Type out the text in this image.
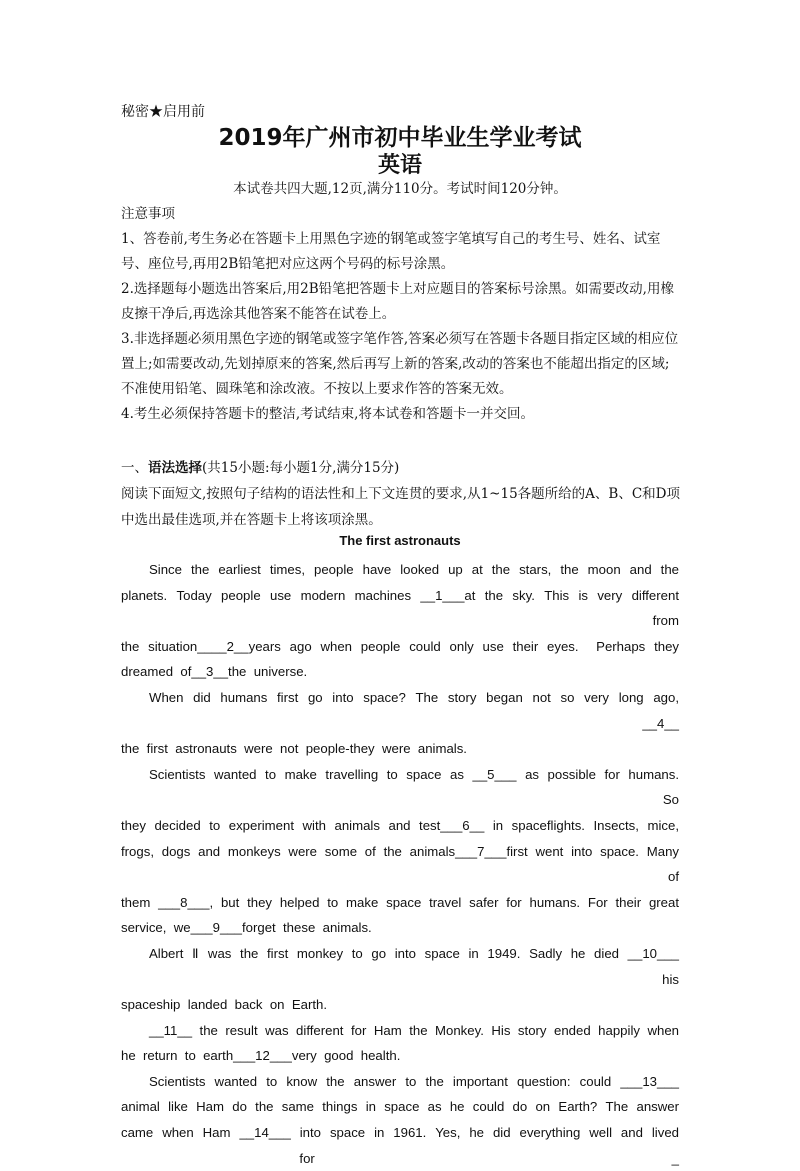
秘密★启用前
2019年广州市初中毕业生学业考试
英语
本试卷共四大题,12页,满分110分。考试时间120分钟。

注意事项

1、答卷前,考生务必在答题卡上用黑色字迹的钢笔或签字笔填写自己的考生号、姓名、试室号、座位号,再用2B铅笔把对应这两个号码的标号涂黑。

2.选择题每小题选出答案后,用2B铅笔把答题卡上对应题目的答案标号涂黑。如需要改动,用橡皮擦干净后,再选涂其他答案不能答在试卷上。

3.非选择题必须用黑色字迹的钢笔或签字笔作答,答案必须写在答题卡各题目指定区域的相应位置上;如需要改动,先划掉原来的答案,然后再写上新的答案,改动的答案也不能超出指定的区域;不准使用铅笔、圆珠笔和涂改液。不按以上要求作答的答案无效。

4.考生必须保持答题卡的整洁,考试结束,将本试卷和答题卡一并交回。

一、语法选择(共15小题:每小题1分,满分15分)

阅读下面短文,按照句子结构的语法性和上下文连贯的要求,从1~15各题所给的A、B、C和D项中选出最佳选项,并在答题卡上将该项涂黑。

The first astronauts

Since  the  earliest  times,  people  have  looked  up  at  the  stars,  the  moon  and  the

planets.  Today  people  use  modern  machines  __1___at  the  sky.  This  is  very  different  from

the  situation____2__years  ago  when  people  could  only  use  their  eyes.    Perhaps  they

dreamed  of__3__the  universe.

When  did  humans  first  go  into  space?  The  story  began  not  so  very  long  ago,  __4__

the  first  astronauts  were  not  people-they  were  animals.

Scientists  wanted  to  make  travelling  to  space  as  __5___  as  possible  for  humans.  So

they  decided  to  experiment  with  animals  and  test___6__  in  spaceflights.  Insects,  mice,

frogs,  dogs  and  monkeys  were  some  of  the  animals___7___first  went  into  space.  Many  of

them  ___8___,  but  they  helped  to  make  space  travel  safer  for  humans.  For  their  great

service,  we___9___forget  these  animals.

Albert  Ⅱ  was  the  first  monkey  to  go  into  space  in  1949.  Sadly  he  died  __10___  his

spaceship  landed  back  on  Earth.

__11__  the  result  was  different  for  Ham  the  Monkey.  His  story  ended  happily  when

he  return  to  earth___12___very  good  health.

Scientists  wanted  to  know  the  answer  to  the  important  question:  could  ___13___

animal  like  Ham  do  the  same  things  in  space  as  he  could  do  on  Earth?  The  answer

came  when  Ham  __14___  into  space  in  1961.  Yes,  he  did  everything  well  and  lived  for  _
